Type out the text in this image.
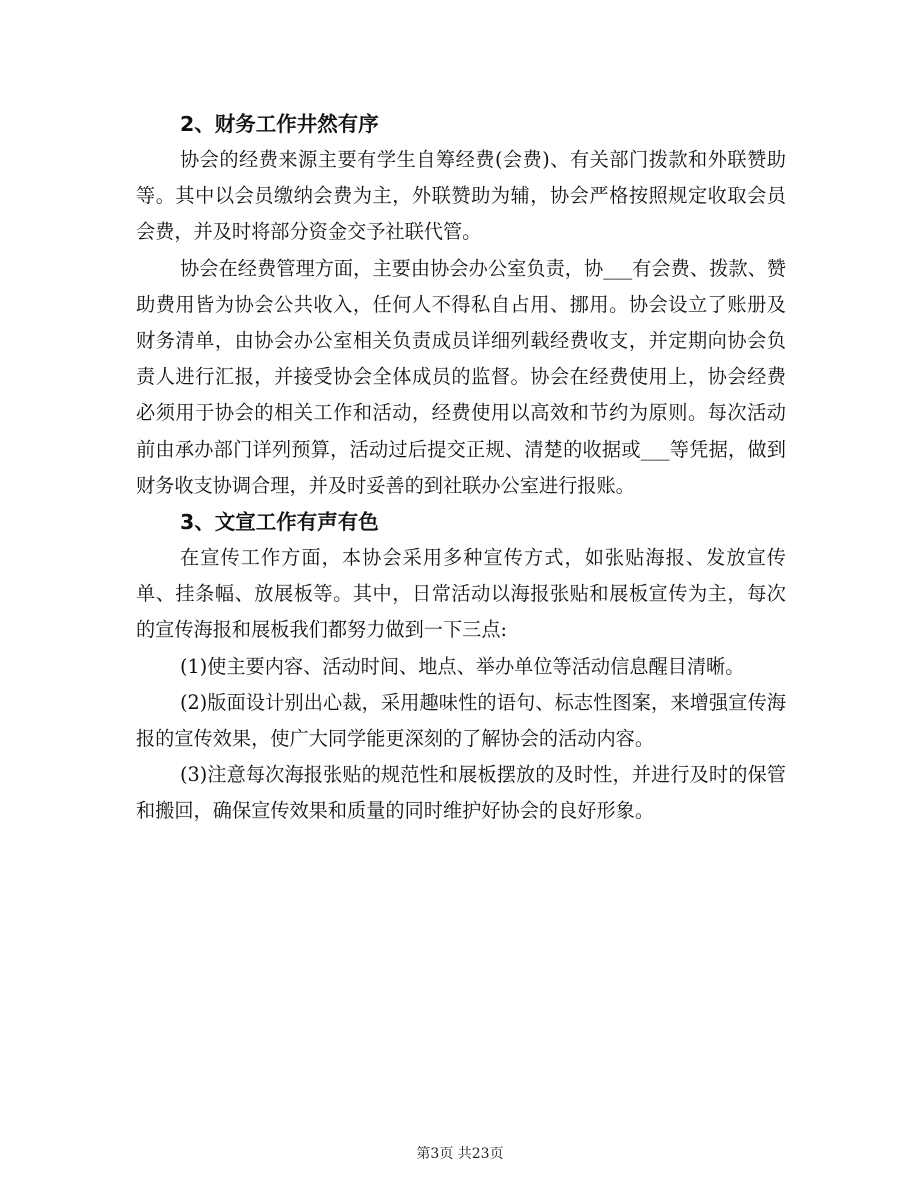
2、财务工作井然有序

协会的经费来源主要有学生自筹经费(会费)、有关部门拨款和外联赞助等。其中以会员缴纳会费为主，外联赞助为辅，协会严格按照规定收取会员会费，并及时将部分资金交予社联代管。

协会在经费管理方面，主要由协会办公室负责，协___有会费、拨款、赞助费用皆为协会公共收入，任何人不得私自占用、挪用。协会设立了账册及财务清单，由协会办公室相关负责成员详细列载经费收支，并定期向协会负责人进行汇报，并接受协会全体成员的监督。协会在经费使用上，协会经费必须用于协会的相关工作和活动，经费使用以高效和节约为原则。每次活动前由承办部门详列预算，活动过后提交正规、清楚的收据或___等凭据，做到财务收支协调合理，并及时妥善的到社联办公室进行报账。

3、文宣工作有声有色

在宣传工作方面，本协会采用多种宣传方式，如张贴海报、发放宣传单、挂条幅、放展板等。其中，日常活动以海报张贴和展板宣传为主，每次的宣传海报和展板我们都努力做到一下三点:

(1)使主要内容、活动时间、地点、举办单位等活动信息醒目清晰。

(2)版面设计别出心裁，采用趣味性的语句、标志性图案，来增强宣传海报的宣传效果，使广大同学能更深刻的了解协会的活动内容。

(3)注意每次海报张贴的规范性和展板摆放的及时性，并进行及时的保管和搬回，确保宣传效果和质量的同时维护好协会的良好形象。

第3页 共23页
